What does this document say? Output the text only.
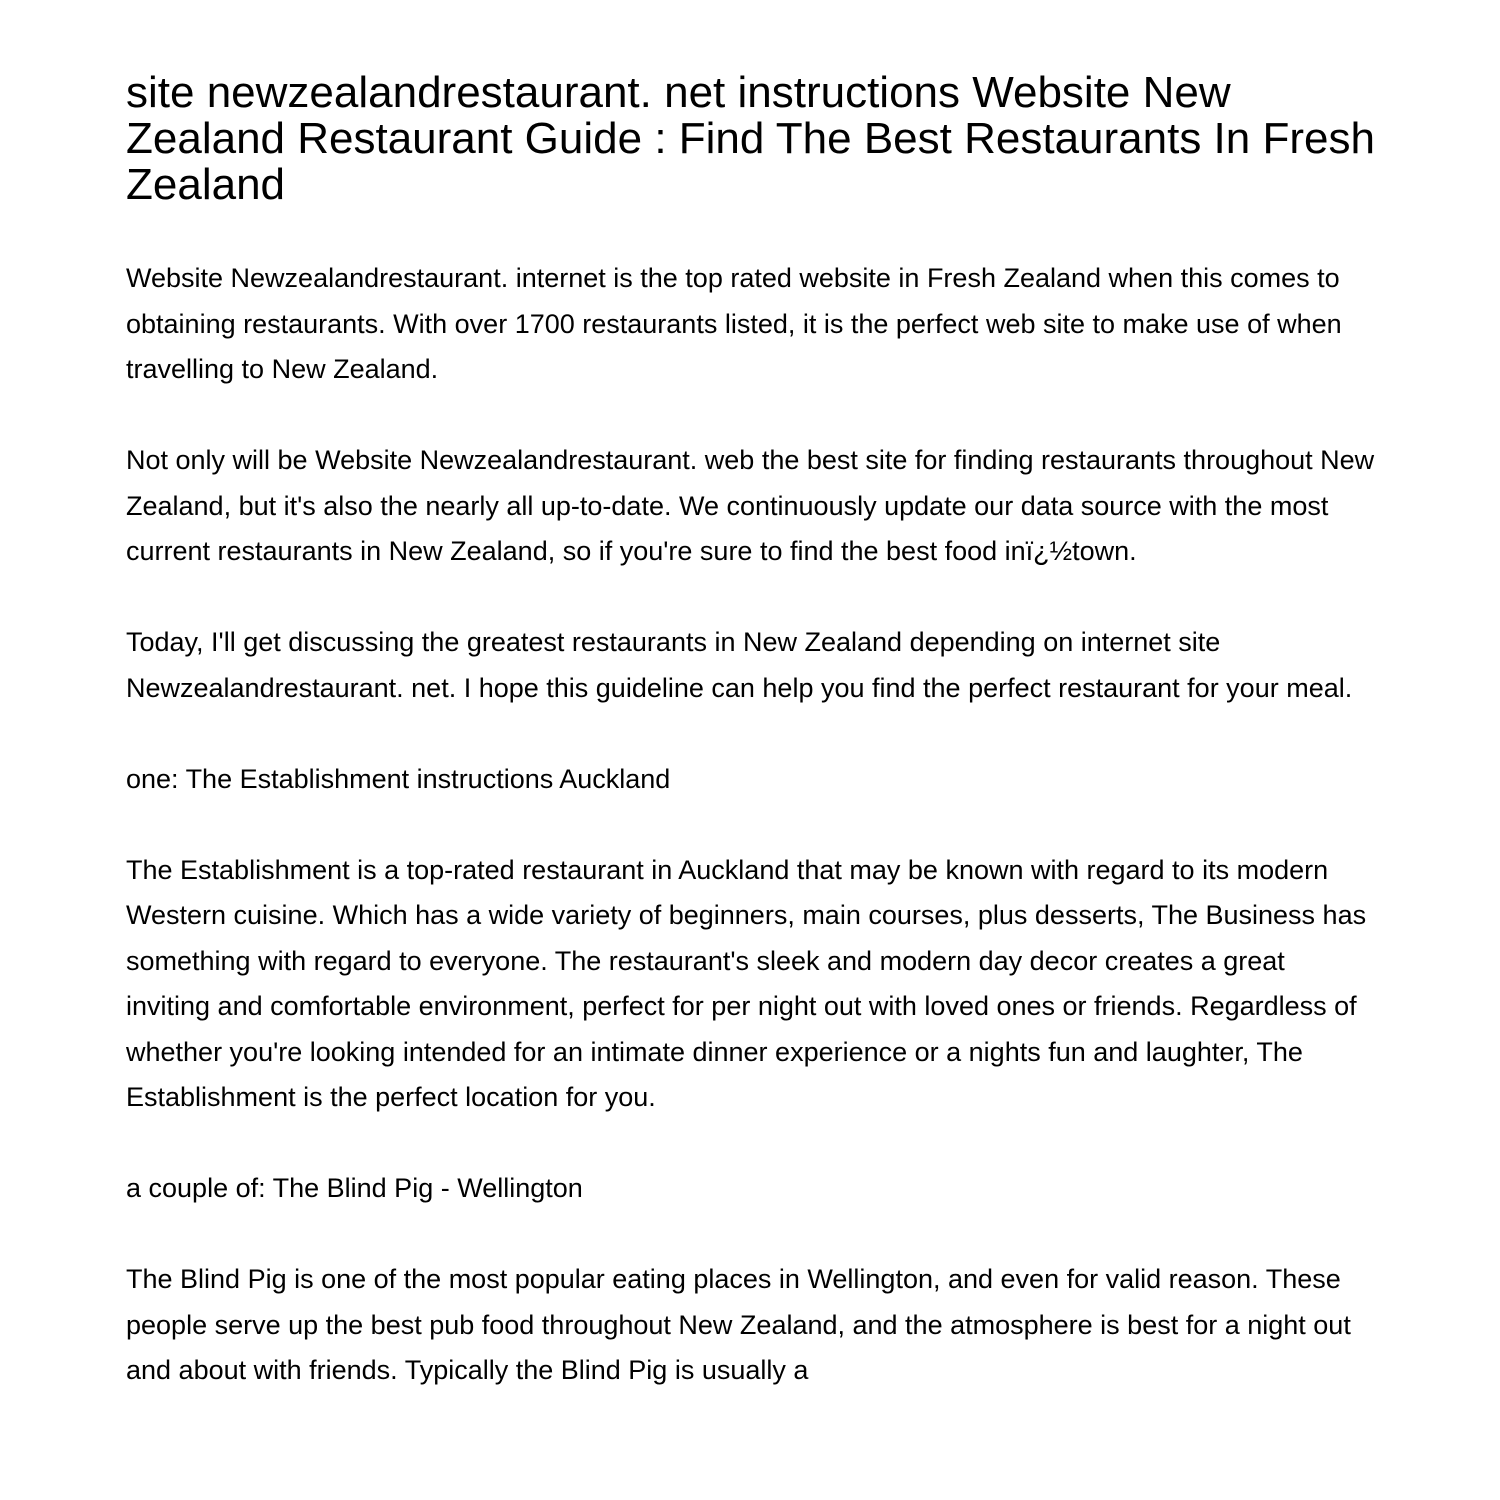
site newzealandrestaurant. net instructions Website New Zealand Restaurant Guide : Find The Best Restaurants In Fresh Zealand

Website Newzealandrestaurant. internet is the top rated website in Fresh Zealand when this comes to obtaining restaurants. With over 1700 restaurants listed, it is the perfect web site to make use of when travelling to New Zealand.

Not only will be Website Newzealandrestaurant. web the best site for finding restaurants throughout New Zealand, but it's also the nearly all up-to-date. We continuously update our data source with the most current restaurants in New Zealand, so if you're sure to find the best food inï¿½town.

Today, I'll get discussing the greatest restaurants in New Zealand depending on internet site Newzealandrestaurant. net. I hope this guideline can help you find the perfect restaurant for your meal.

one: The Establishment instructions Auckland

The Establishment is a top-rated restaurant in Auckland that may be known with regard to its modern Western cuisine. Which has a wide variety of beginners, main courses, plus desserts, The Business has something with regard to everyone. The restaurant's sleek and modern day decor creates a great inviting and comfortable environment, perfect for per night out with loved ones or friends. Regardless of whether you're looking intended for an intimate dinner experience or a nights fun and laughter, The Establishment is the perfect location for you.

a couple of: The Blind Pig - Wellington

The Blind Pig is one of the most popular eating places in Wellington, and even for valid reason. These people serve up the best pub food throughout New Zealand, and the atmosphere is best for a night out and about with friends. Typically the Blind Pig is usually a
